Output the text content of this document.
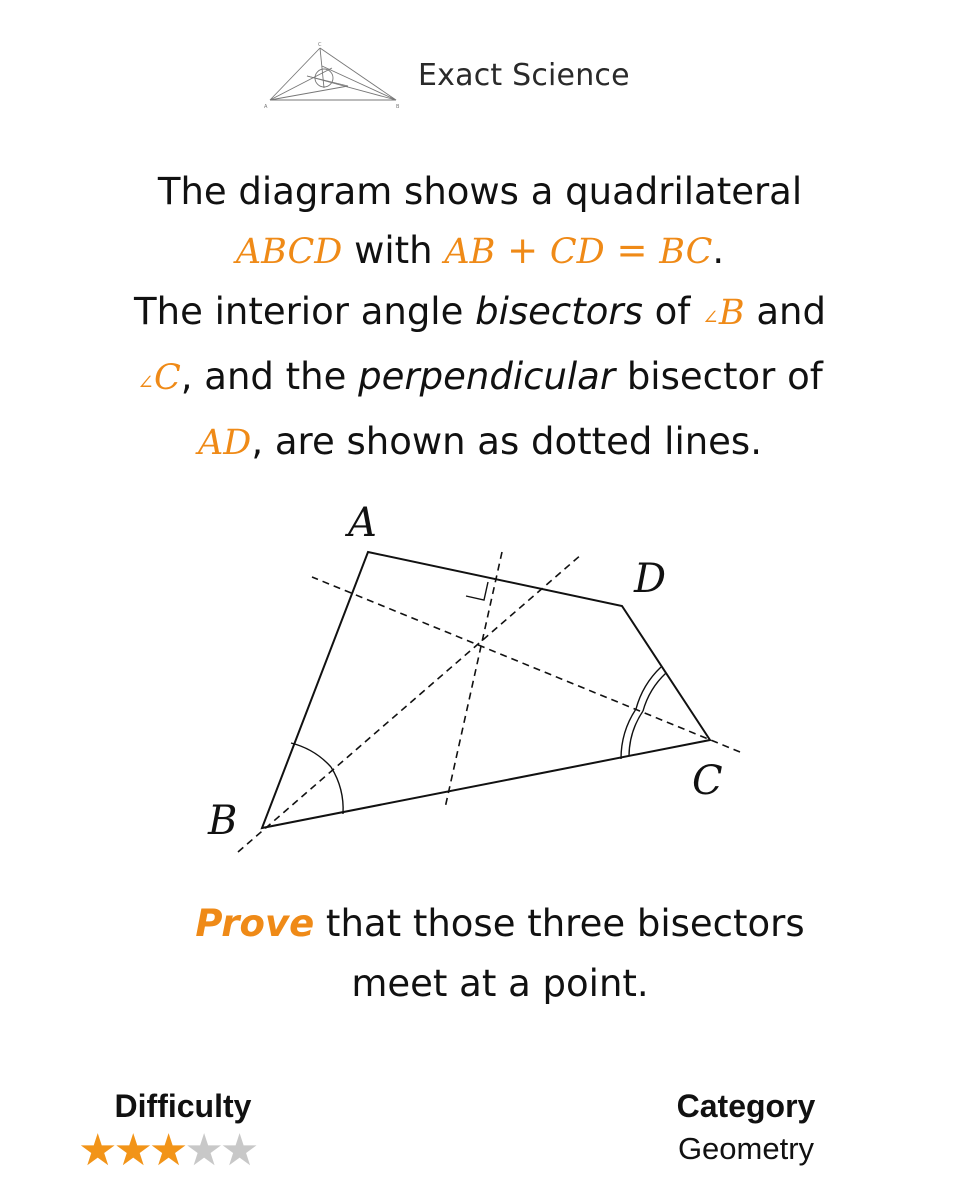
C
A	B
Exact Science
The diagram shows a quadrilateral
ABCD with AB + CD = BC.
The interior angle bisectors of ∠B and
∠C, and the perpendicular bisector of
AD, are shown as dotted lines.
A
D
C
B
Prove that those three bisectors
meet at a point.
Difficulty
★★★★★
Category
Geometry
